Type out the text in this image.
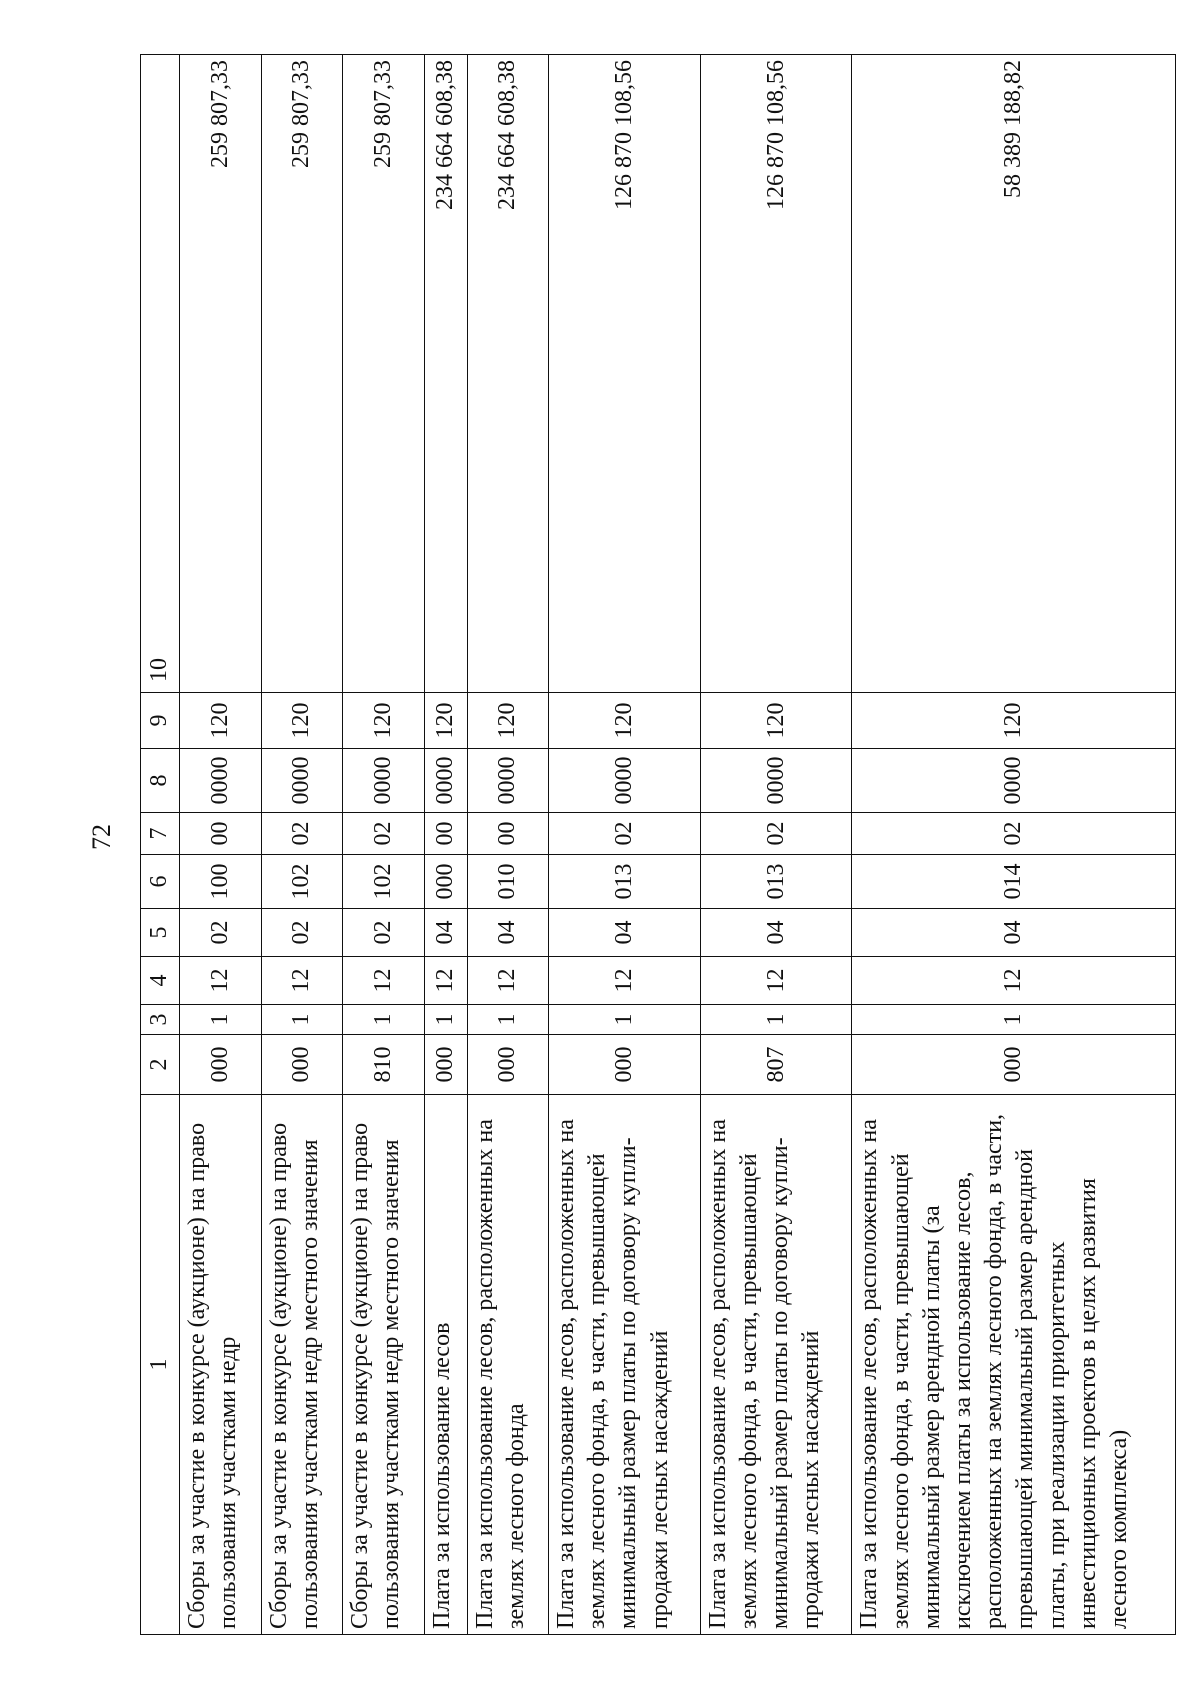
72
1	2	3	4	5	6	7	8	9	10
Сборы за участие в конкурсе (аукционе) на право пользования участками недр	000	1	12	02	100	00	0000	120	259 807,33
Сборы за участие в конкурсе (аукционе) на право пользования участками недр местного значения	000	1	12	02	102	02	0000	120	259 807,33
Сборы за участие в конкурсе (аукционе) на право пользования участками недр местного значения	810	1	12	02	102	02	0000	120	259 807,33
Плата за использование лесов	000	1	12	04	000	00	0000	120	234 664 608,38
Плата за использование лесов, расположенных на землях лесного фонда	000	1	12	04	010	00	0000	120	234 664 608,38
Плата за использование лесов, расположенных на землях лесного фонда, в части, превышающей минимальный размер платы по договору купли-продажи лесных насаждений	000	1	12	04	013	02	0000	120	126 870 108,56
Плата за использование лесов, расположенных на землях лесного фонда, в части, превышающей минимальный размер платы по договору купли-продажи лесных насаждений	807	1	12	04	013	02	0000	120	126 870 108,56
Плата за использование лесов, расположенных на землях лесного фонда, в части, превышающей минимальный размер арендной платы (за исключением платы за использование лесов, расположенных на землях лесного фонда, в части, превышающей минимальный размер арендной платы, при реализации приоритетных инвестиционных проектов в целях развития лесного комплекса)	000	1	12	04	014	02	0000	120	58 389 188,82
